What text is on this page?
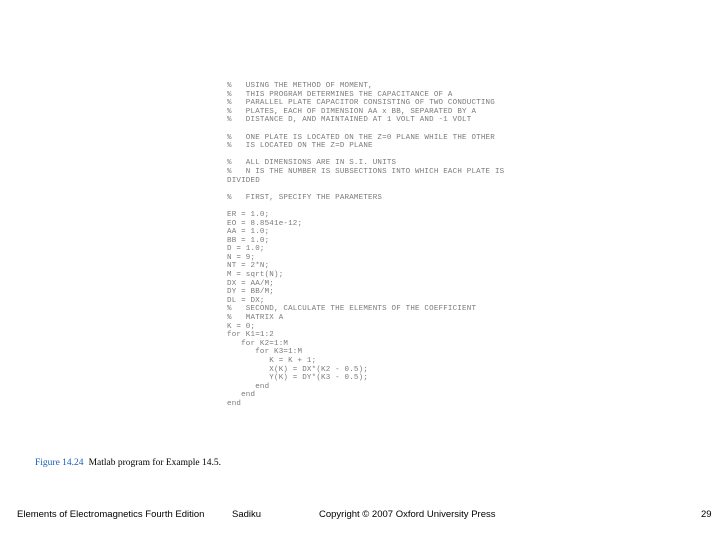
%   USING THE METHOD OF MOMENT,
%   THIS PROGRAM DETERMINES THE CAPACITANCE OF A
%   PARALLEL PLATE CAPACITOR CONSISTING OF TWO CONDUCTING
%   PLATES, EACH OF DIMENSION AA x BB, SEPARATED BY A
%   DISTANCE D, AND MAINTAINED AT 1 VOLT AND -1 VOLT
%   ONE PLATE IS LOCATED ON THE Z=0 PLANE WHILE THE OTHER
%   IS LOCATED ON THE Z=D PLANE
%   ALL DIMENSIONS ARE IN S.I. UNITS
%   N IS THE NUMBER IS SUBSECTIONS INTO WHICH EACH PLATE IS
DIVIDED
%   FIRST, SPECIFY THE PARAMETERS
ER = 1.0;
EO = 8.8541e-12;
AA = 1.0;
BB = 1.0;
D = 1.0;
N = 9;
NT = 2*N;
M = sqrt(N);
DX = AA/M;
DY = BB/M;
DL = DX;
%   SECOND, CALCULATE THE ELEMENTS OF THE COEFFICIENT
%   MATRIX A
K = 0;
for K1=1:2
for K2=1:M
for K3=1:M
K = K + 1;
X(K) = DX*(K2 - 0.5);
Y(K) = DY*(K3 - 0.5);
end
end
end
Figure 14.24 Matlab program for Example 14.5.
Elements of Electromagnetics Fourth Edition	Sadiku	Copyright © 2007 Oxford University Press	29
